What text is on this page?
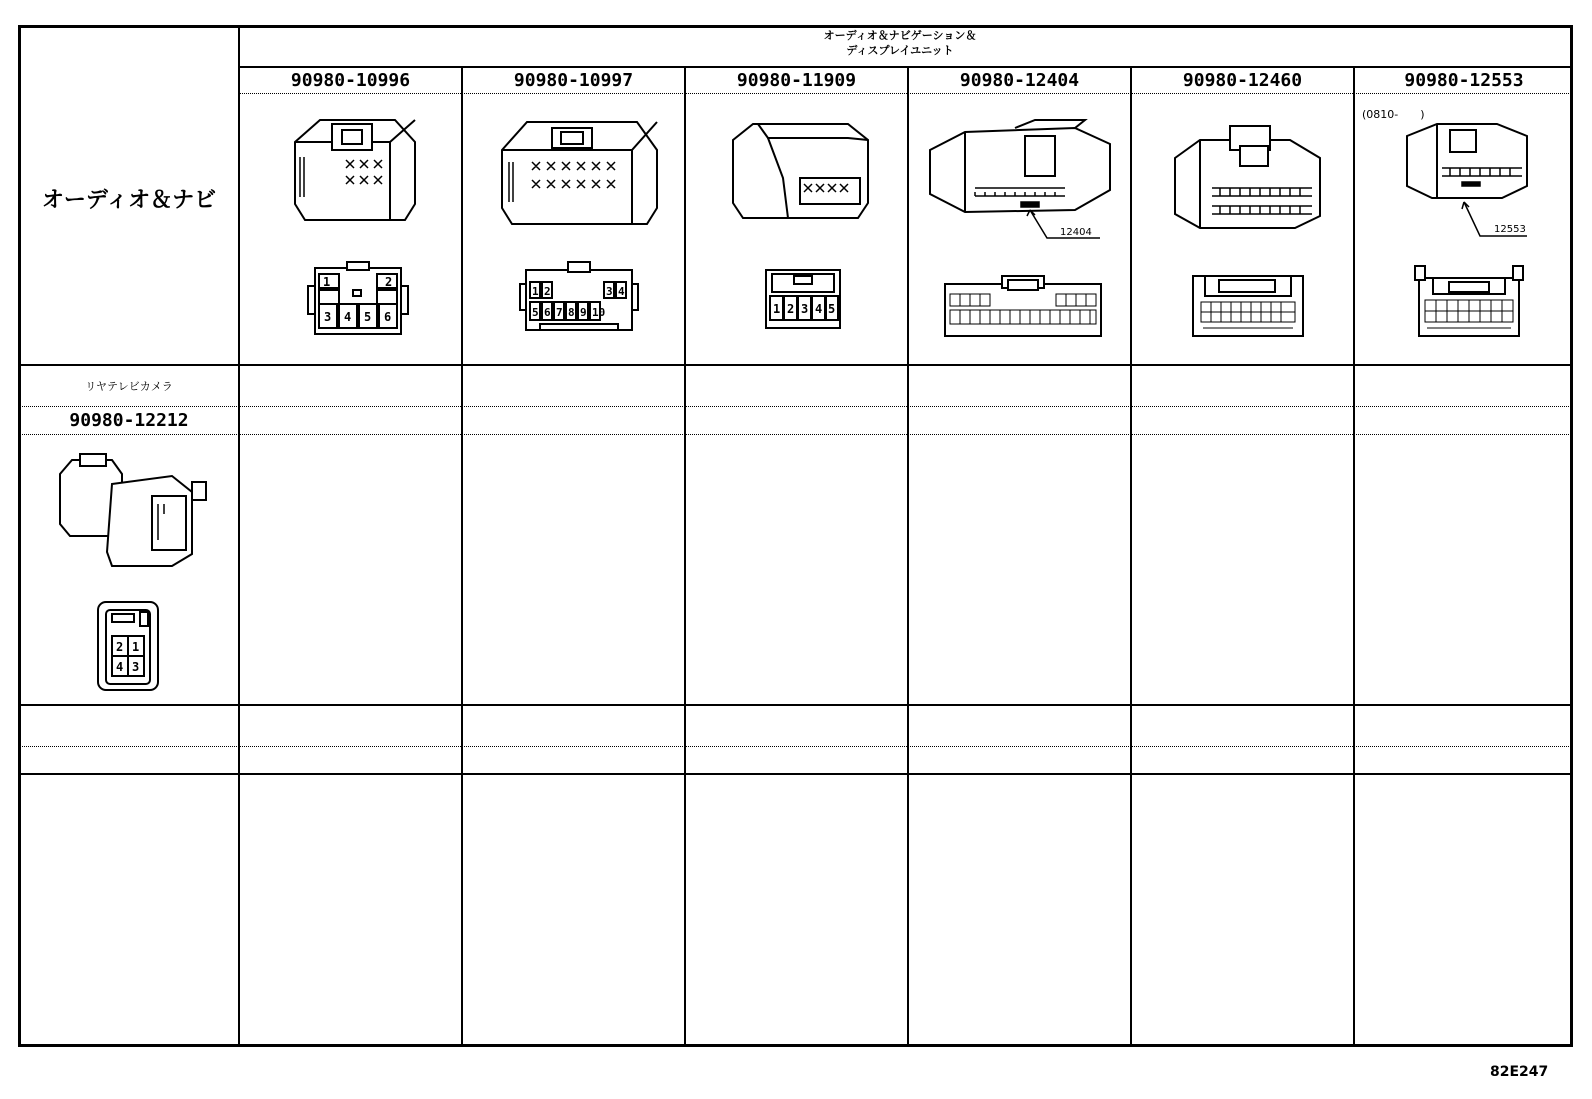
オーディオ＆ナビゲーション＆
ディスプレイユニット
オーディオ＆ナビ
90980-10996	90980-10997	90980-11909	90980-12404	90980-12460	90980-12553
リヤテレビカメラ
90980-12212
1	2
3 4 5 6
1 2	3 4
5 6 7 8 9 10	1 2 3 4 5
12404
(0810-　　)
12553
2 1
4 3
82E247
